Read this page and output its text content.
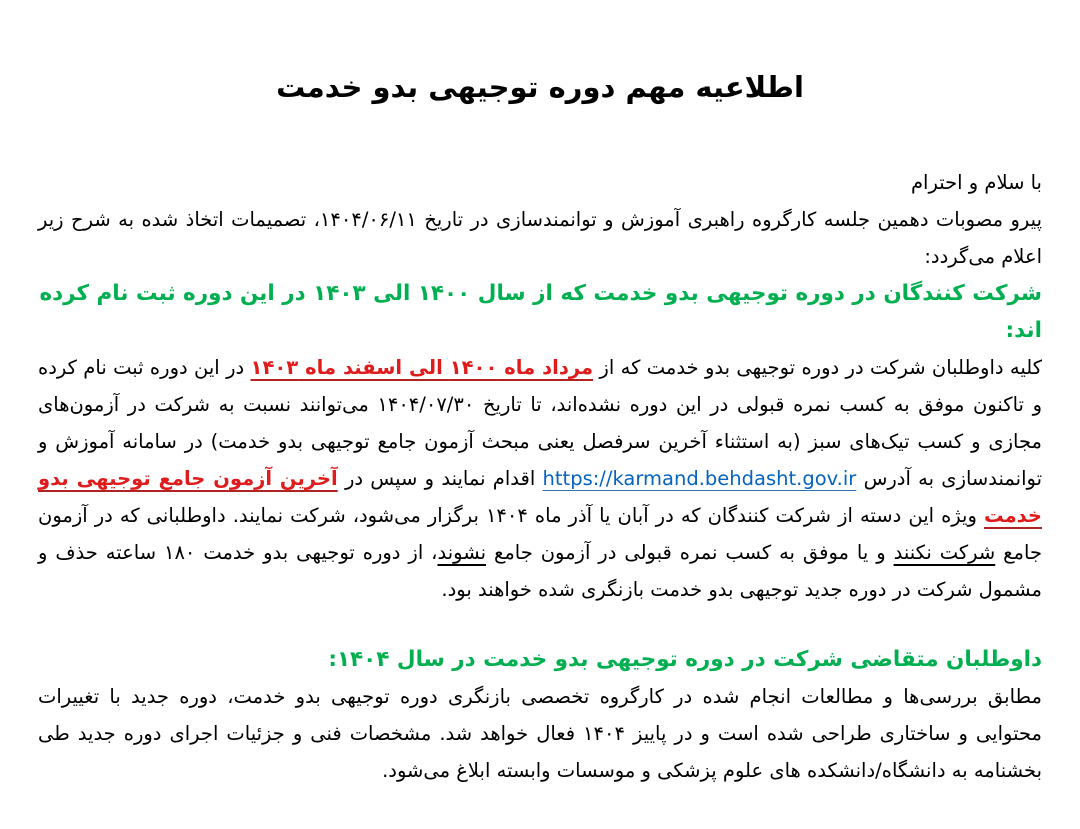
اطلاعیه مهم دوره توجیهی بدو خدمت

با سلام و احترام

پیرو مصوبات دهمین جلسه کارگروه راهبری آموزش و توانمندسازی در تاریخ ۱۴۰۴/۰۶/۱۱، تصمیمات اتخاذ شده به شرح زیر اعلام می‌گردد:

شرکت کنندگان در دوره توجیهی بدو خدمت که از سال ۱۴۰۰ الی ۱۴۰۳ در این دوره ثبت نام کرده اند:

کلیه داوطلبان شرکت در دوره توجیهی بدو خدمت که از مرداد ماه ۱۴۰۰ الی اسفند ماه ۱۴۰۳ در این دوره ثبت نام کرده و تاکنون موفق به کسب نمره قبولی در این دوره نشده‌اند، تا تاریخ ۱۴۰۴/۰۷/۳۰ می‌توانند نسبت به شرکت در آزمون‌های مجازی و کسب تیک‌های سبز (به استثناء آخرین سرفصل یعنی مبحث آزمون جامع توجیهی بدو خدمت) در سامانه آموزش و توانمندسازی به آدرس https://karmand.behdasht.gov.ir اقدام نمایند و سپس در آخرین آزمون جامع توجیهی بدو خدمت ویژه این دسته از شرکت کنندگان که در آبان یا آذر ماه ۱۴۰۴ برگزار می‌شود، شرکت نمایند. داوطلبانی که در آزمون جامع شرکت نکنند و یا موفق به کسب نمره قبولی در آزمون جامع نشوند، از دوره توجیهی بدو خدمت ۱۸۰ ساعته حذف و مشمول شرکت در دوره جدید توجیهی بدو خدمت بازنگری شده خواهند بود.

داوطلبان متقاضی شرکت در دوره توجیهی بدو خدمت در سال ۱۴۰۴:

مطابق بررسی‌ها و مطالعات انجام شده در کارگروه تخصصی بازنگری دوره توجیهی بدو خدمت، دوره جدید با تغییرات محتوایی و ساختاری طراحی شده است و در پاییز ۱۴۰۴ فعال خواهد شد. مشخصات فنی و جزئیات اجرای دوره جدید طی بخشنامه به دانشگاه/دانشکده های علوم پزشکی و موسسات وابسته ابلاغ می‌شود.
